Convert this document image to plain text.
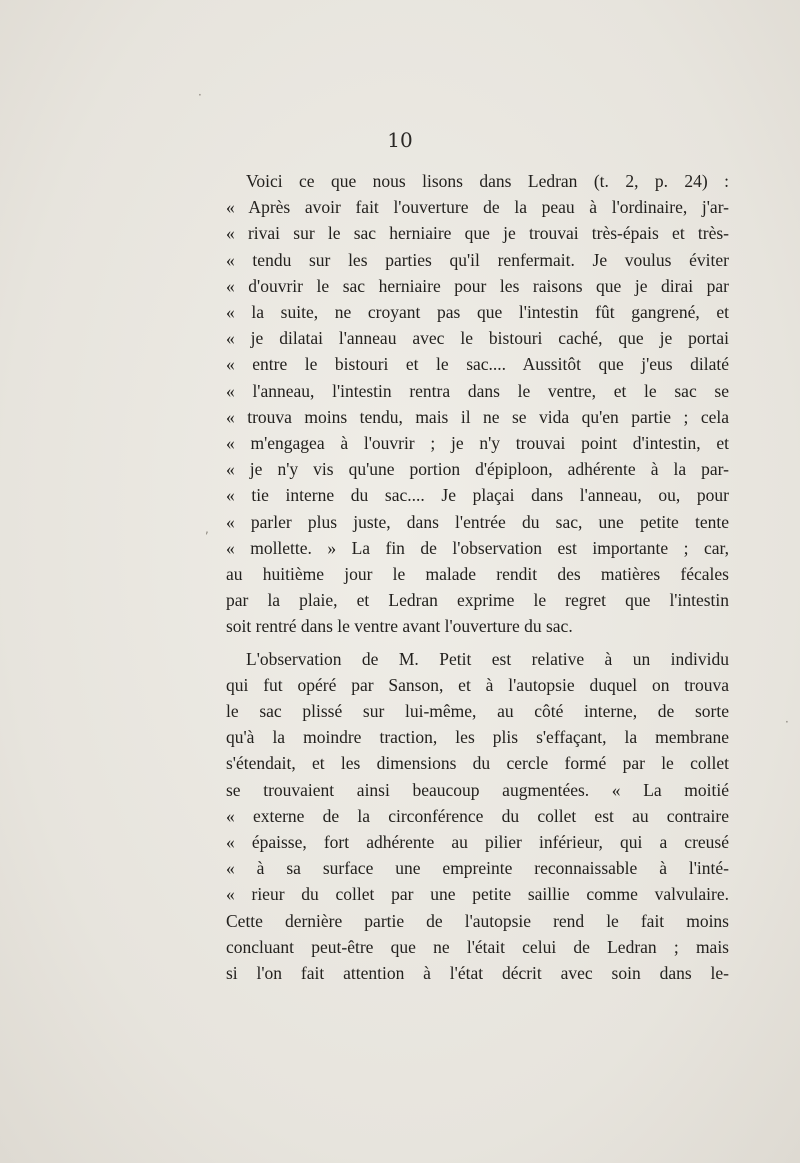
10
Voici ce que nous lisons dans Ledran (t. 2, p. 24) :
« Après avoir fait l'ouverture de la peau à l'ordinaire, j'ar-
« rivai sur le sac herniaire que je trouvai très-épais et très-
« tendu sur les parties qu'il renfermait. Je voulus éviter
« d'ouvrir le sac herniaire pour les raisons que je dirai par
« la suite, ne croyant pas que l'intestin fût gangrené, et
« je dilatai l'anneau avec le bistouri caché, que je portai
« entre le bistouri et le sac.... Aussitôt que j'eus dilaté
« l'anneau, l'intestin rentra dans le ventre, et le sac se
« trouva moins tendu, mais il ne se vida qu'en partie ; cela
« m'engagea à l'ouvrir ; je n'y trouvai point d'intestin, et
« je n'y vis qu'une portion d'épiploon, adhérente à la par-
« tie interne du sac.... Je plaçai dans l'anneau, ou, pour
« parler plus juste, dans l'entrée du sac, une petite tente
« mollette. » La fin de l'observation est importante ; car,
au huitième jour le malade rendit des matières fécales
par la plaie, et Ledran exprime le regret que l'intestin
soit rentré dans le ventre avant l'ouverture du sac.
L'observation de M. Petit est relative à un individu
qui fut opéré par Sanson, et à l'autopsie duquel on trouva
le sac plissé sur lui-même, au côté interne, de sorte
qu'à la moindre traction, les plis s'effaçant, la membrane
s'étendait, et les dimensions du cercle formé par le collet
se trouvaient ainsi beaucoup augmentées. « La moitié
« externe de la circonférence du collet est au contraire
« épaisse, fort adhérente au pilier inférieur, qui a creusé
« à sa surface une empreinte reconnaissable à l'inté-
« rieur du collet par une petite saillie comme valvulaire.
Cette dernière partie de l'autopsie rend le fait moins
concluant peut-être que ne l'était celui de Ledran ; mais
si l'on fait attention à l'état décrit avec soin dans le-
·
,
·
